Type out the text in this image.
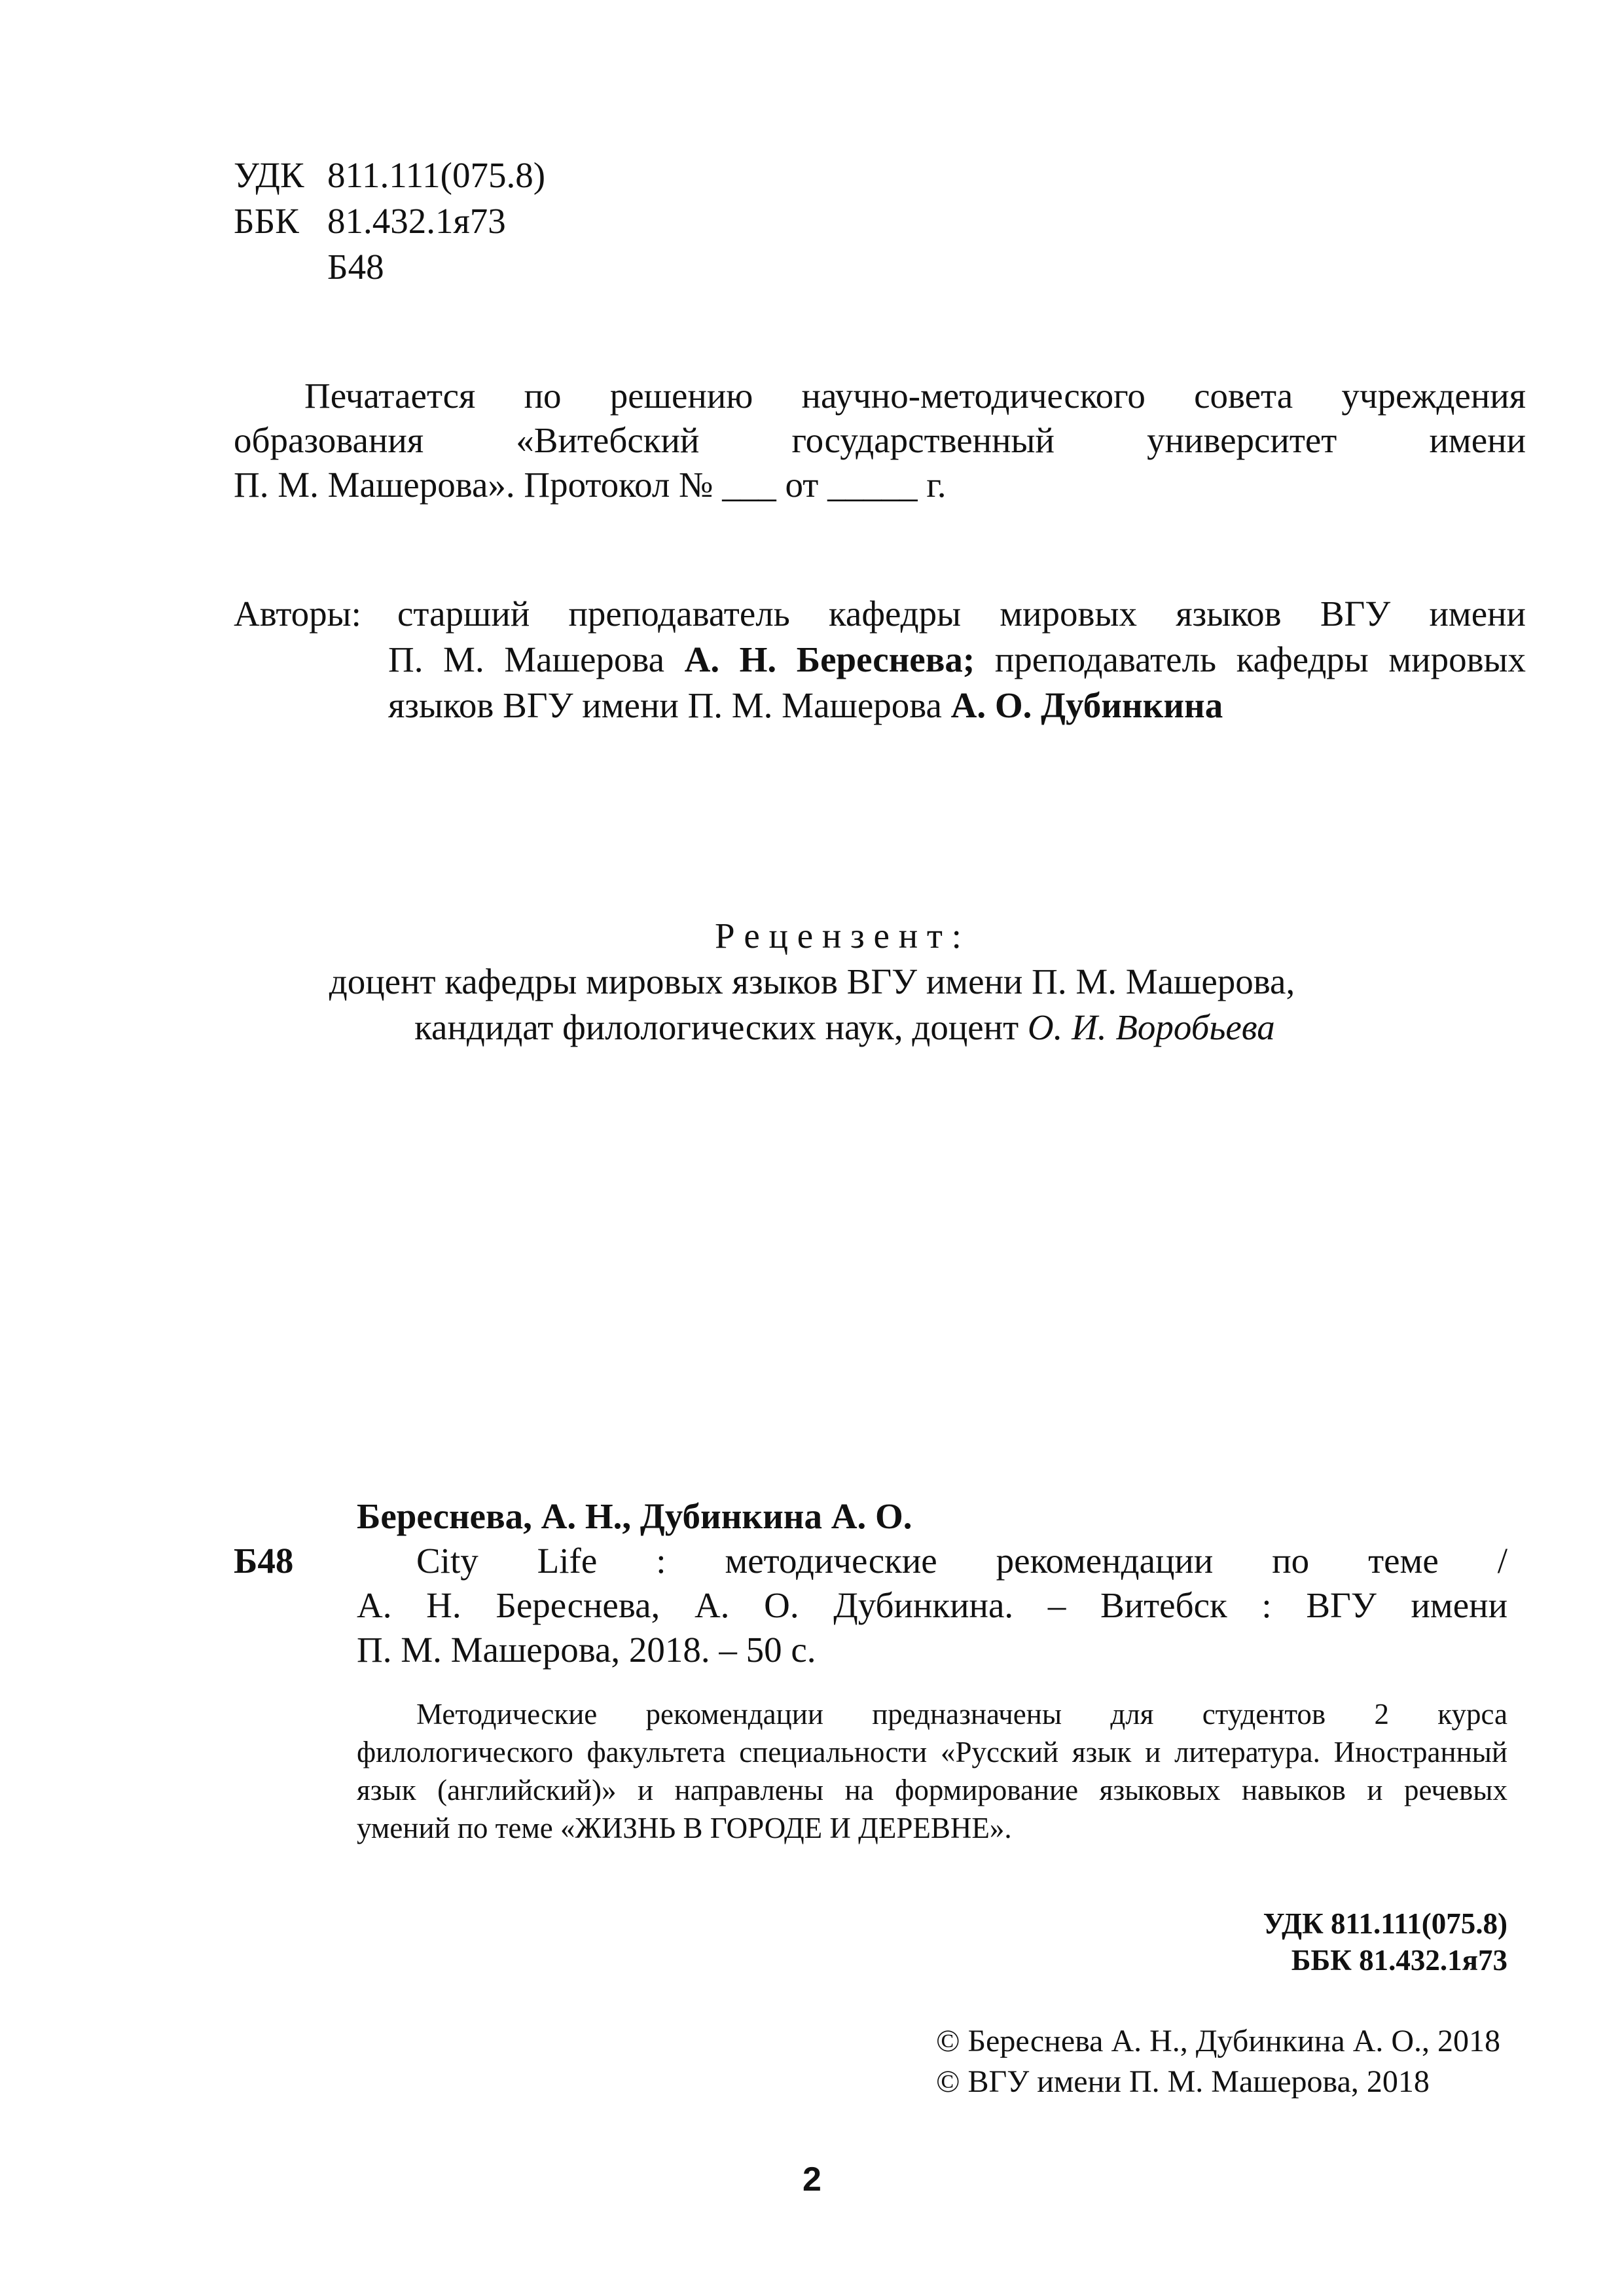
УДК 811.111(075.8)
ББК 81.432.1я73
Б48
Печатается по решению научно-методического совета учреждения
образования «Витебский государственный университет имени
П. М. Машерова». Протокол № ___ от _____ г.
Авторы: старший преподаватель кафедры мировых языков ВГУ имени
П. М. Машерова А. Н. Береснева; преподаватель кафедры мировых
языков ВГУ имени П. М. Машерова А. О. Дубинкина
Р е ц е н з е н т :
доцент кафедры мировых языков ВГУ имени П. М. Машерова,
кандидат филологических наук, доцент О. И. Воробьева
Береснева, А. Н., Дубинкина А. О.
Б48	City Life : методические рекомендации по теме /
А. Н. Береснева, А. О. Дубинкина. – Витебск : ВГУ имени
П. М. Машерова, 2018. – 50 с.
Методические рекомендации предназначены для студентов 2 курса
филологического факультета специальности «Русский язык и литература. Иностранный
язык (английский)» и направлены на формирование языковых навыков и речевых
умений по теме «ЖИЗНЬ В ГОРОДЕ И ДЕРЕВНЕ».
УДК 811.111(075.8)
ББК 81.432.1я73
© Береснева А. Н., Дубинкина А. О., 2018
© ВГУ имени П. М. Машерова, 2018
2
